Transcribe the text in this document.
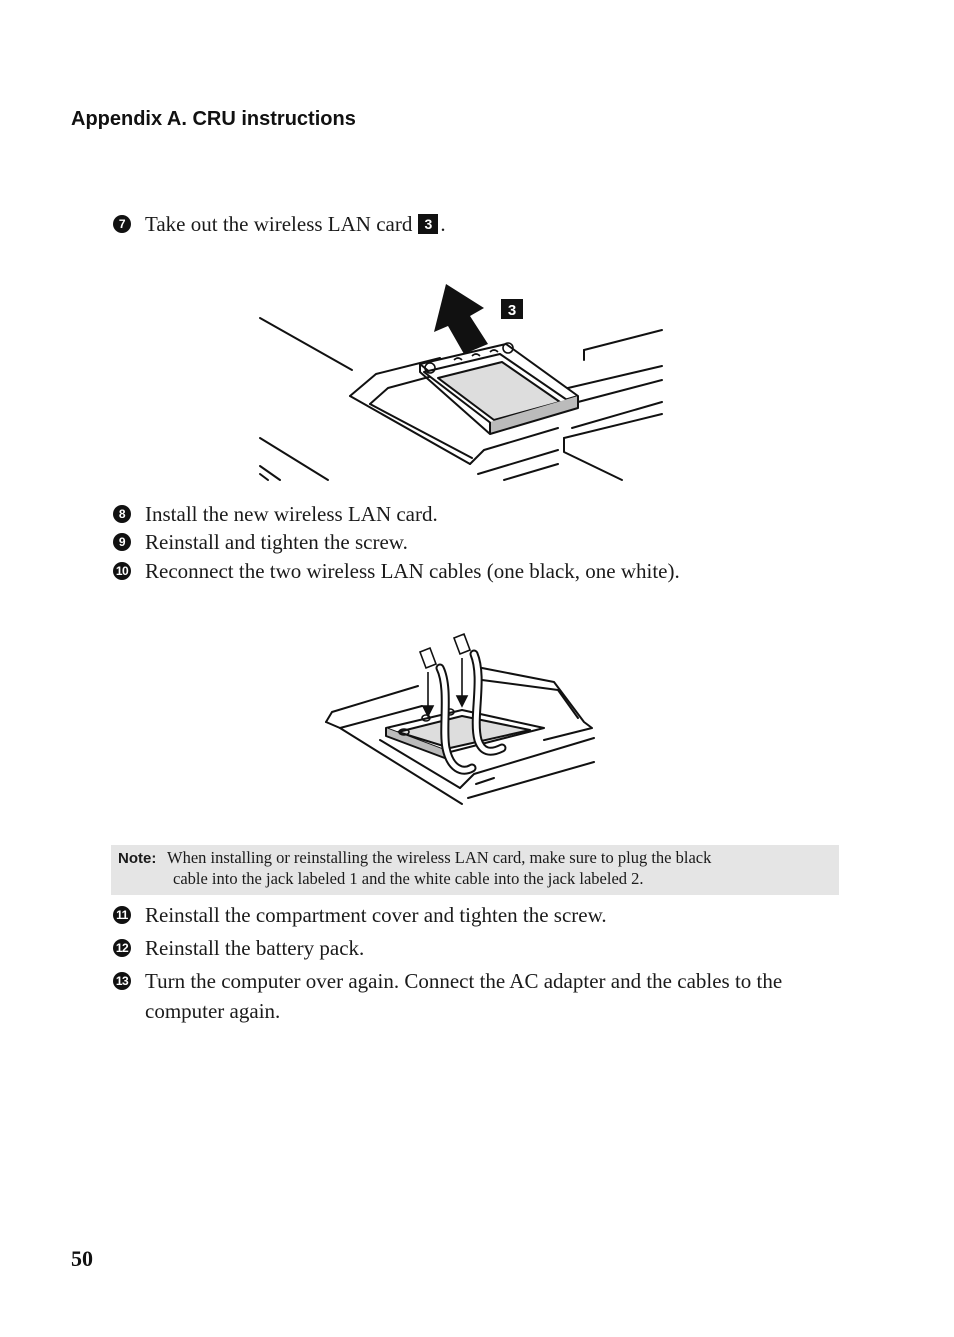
Appendix A. CRU instructions
7 Take out the wireless LAN card 3 .
3
8 Install the new wireless LAN card.
9 Reinstall and tighten the screw.
10 Reconnect the two wireless LAN cables (one black, one white).
Note: When installing or reinstalling the wireless LAN card, make sure to plug the black
cable into the jack labeled 1 and the white cable into the jack labeled 2.
11 Reinstall the compartment cover and tighten the screw.
12 Reinstall the battery pack.
13 Turn the computer over again. Connect the AC adapter and the cables to the computer again.
50
